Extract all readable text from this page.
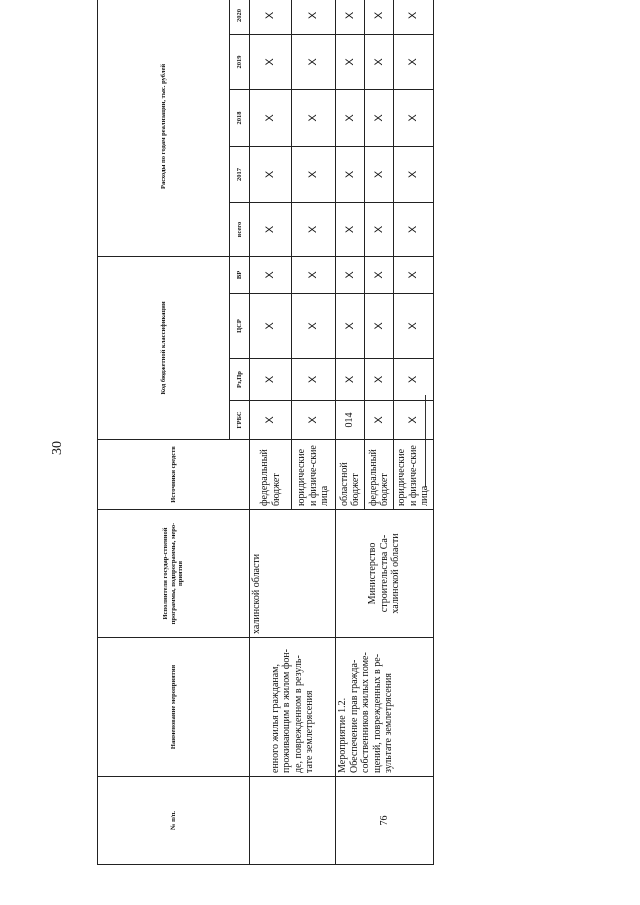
30
№ п/п.	Наименование мероприятия	Исполнители государ-ственной программы, подпрограммы, меро-приятия	Источники средств	Код бюджетной классификации				Расходы по годам реализации, тыс. рублей				
				ГРБС	Рз,Пр	ЦСР	ВР	всего	2017	2018	2019	2020
	енного жилья гражданам, проживающим в жилом фон-де, поврежденном в резуль-тате землетрясения	халинской области	федеральный бюджет	X	X	X	X	X	X	X	X	X
			юридические и физиче-ские лица	X	X	X	X	X	X	X	X	X
76	Мероприятие 1.2. Обеспечение прав гражда-собственников жилых поме-щений, поврежденных в ре-зультате землетрясения	Министерство строительства Са-халинской области	областной бюджет	014	X	X	X	X	X	X	X	X
			федеральный бюджет	X	X	X	X	X	X	X	X	X
			юридические и физиче-ские лица	X	X	X	X	X	X	X	X	X
